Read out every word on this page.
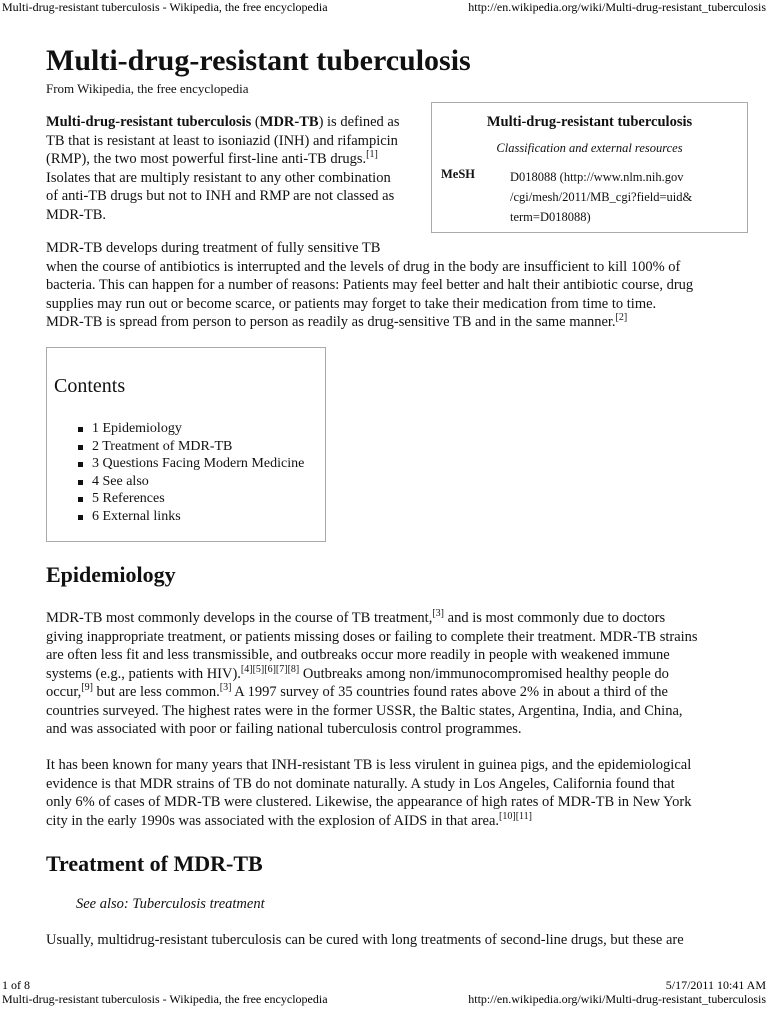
Multi-drug-resistant tuberculosis - Wikipedia, the free encyclopedia	http://en.wikipedia.org/wiki/Multi-drug-resistant_tuberculosis
Multi-drug-resistant tuberculosis
From Wikipedia, the free encyclopedia
Multi-drug-resistant tuberculosis (MDR-TB) is defined as
TB that is resistant at least to isoniazid (INH) and rifampicin
(RMP), the two most powerful first-line anti-TB drugs.[1]
Isolates that are multiply resistant to any other combination
of anti-TB drugs but not to INH and RMP are not classed as
MDR-TB.
Multi-drug-resistant tuberculosis
Classification and external resources
MeSH	D018088 (http://www.nlm.nih.gov
/cgi/mesh/2011/MB_cgi?field=uid&
term=D018088)
MDR-TB develops during treatment of fully sensitive TB
when the course of antibiotics is interrupted and the levels of drug in the body are insufficient to kill 100% of
bacteria. This can happen for a number of reasons: Patients may feel better and halt their antibiotic course, drug
supplies may run out or become scarce, or patients may forget to take their medication from time to time.
MDR-TB is spread from person to person as readily as drug-sensitive TB and in the same manner.[2]
Contents
1 Epidemiology
2 Treatment of MDR-TB
3 Questions Facing Modern Medicine
4 See also
5 References
6 External links
Epidemiology
MDR-TB most commonly develops in the course of TB treatment,[3] and is most commonly due to doctors
giving inappropriate treatment, or patients missing doses or failing to complete their treatment. MDR-TB strains
are often less fit and less transmissible, and outbreaks occur more readily in people with weakened immune
systems (e.g., patients with HIV).[4][5][6][7][8] Outbreaks among non/immunocompromised healthy people do
occur,[9] but are less common.[3] A 1997 survey of 35 countries found rates above 2% in about a third of the
countries surveyed. The highest rates were in the former USSR, the Baltic states, Argentina, India, and China,
and was associated with poor or failing national tuberculosis control programmes.
It has been known for many years that INH-resistant TB is less virulent in guinea pigs, and the epidemiological
evidence is that MDR strains of TB do not dominate naturally. A study in Los Angeles, California found that
only 6% of cases of MDR-TB were clustered. Likewise, the appearance of high rates of MDR-TB in New York
city in the early 1990s was associated with the explosion of AIDS in that area.[10][11]
Treatment of MDR-TB
See also: Tuberculosis treatment
Usually, multidrug-resistant tuberculosis can be cured with long treatments of second-line drugs, but these are
1 of 8	5/17/2011 10:41 AM
Multi-drug-resistant tuberculosis - Wikipedia, the free encyclopedia	http://en.wikipedia.org/wiki/Multi-drug-resistant_tuberculosis
